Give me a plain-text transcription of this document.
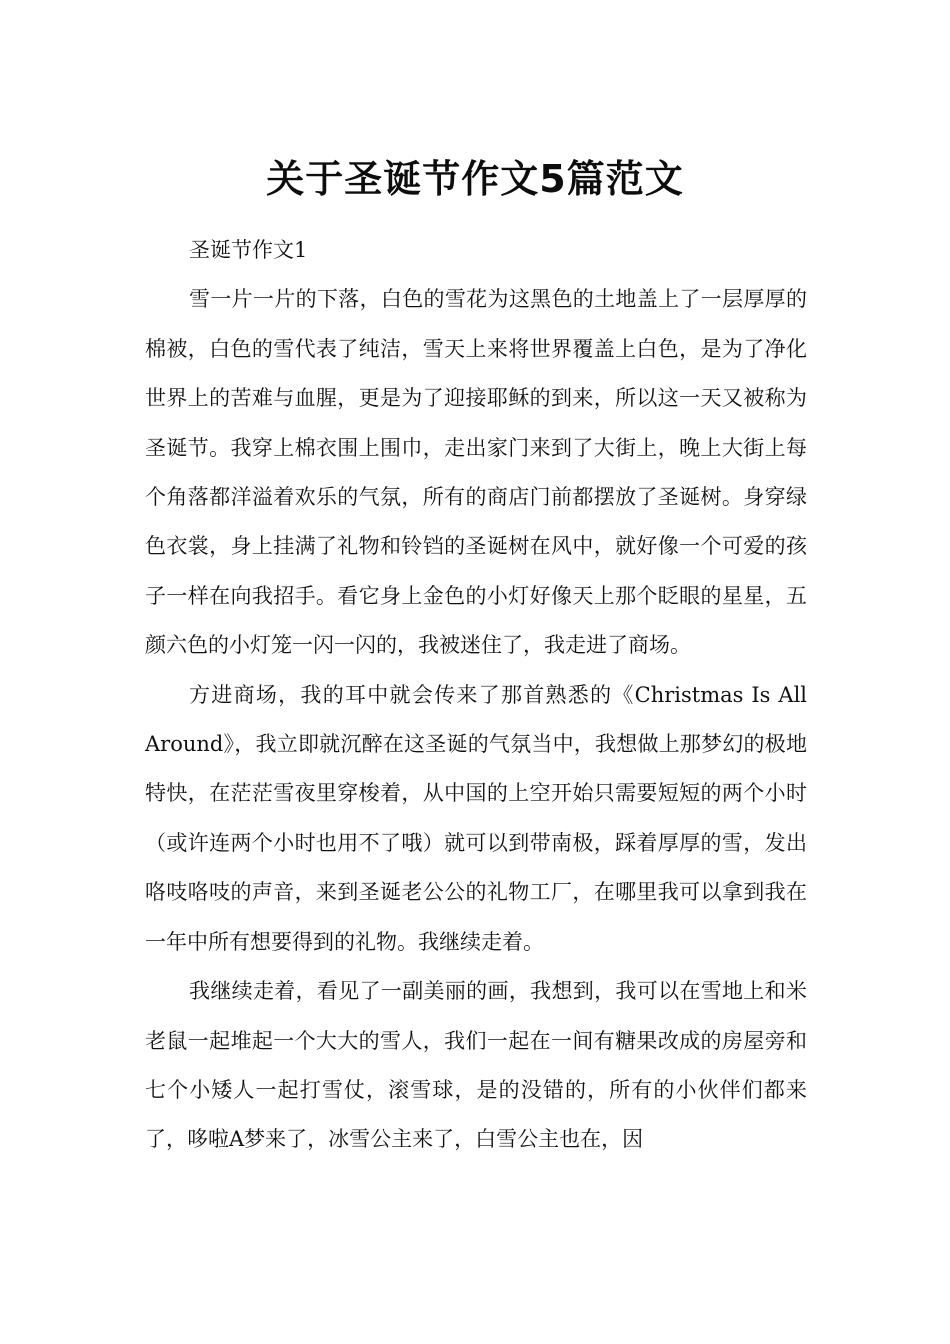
关于圣诞节作文5篇范文

圣诞节作文1

雪一片一片的下落，白色的雪花为这黑色的土地盖上了一层厚厚的棉被，白色的雪代表了纯洁，雪天上来将世界覆盖上白色，是为了净化世界上的苦难与血腥，更是为了迎接耶稣的到来，所以这一天又被称为圣诞节。我穿上棉衣围上围巾，走出家门来到了大街上，晚上大街上每个角落都洋溢着欢乐的气氛，所有的商店门前都摆放了圣诞树。身穿绿色衣裳，身上挂满了礼物和铃铛的圣诞树在风中，就好像一个可爱的孩子一样在向我招手。看它身上金色的小灯好像天上那个眨眼的星星，五颜六色的小灯笼一闪一闪的，我被迷住了，我走进了商场。

方进商场，我的耳中就会传来了那首熟悉的《Christmas Is All Around》，我立即就沉醉在这圣诞的气氛当中，我想做上那梦幻的极地特快，在茫茫雪夜里穿梭着，从中国的上空开始只需要短短的两个小时（或许连两个小时也用不了哦）就可以到带南极，踩着厚厚的雪，发出咯吱咯吱的声音，来到圣诞老公公的礼物工厂，在哪里我可以拿到我在一年中所有想要得到的礼物。我继续走着。

我继续走着，看见了一副美丽的画，我想到，我可以在雪地上和米老鼠一起堆起一个大大的雪人，我们一起在一间有糖果改成的房屋旁和七个小矮人一起打雪仗，滚雪球，是的没错的，所有的小伙伴们都来了，哆啦A梦来了，冰雪公主来了，白雪公主也在，因
